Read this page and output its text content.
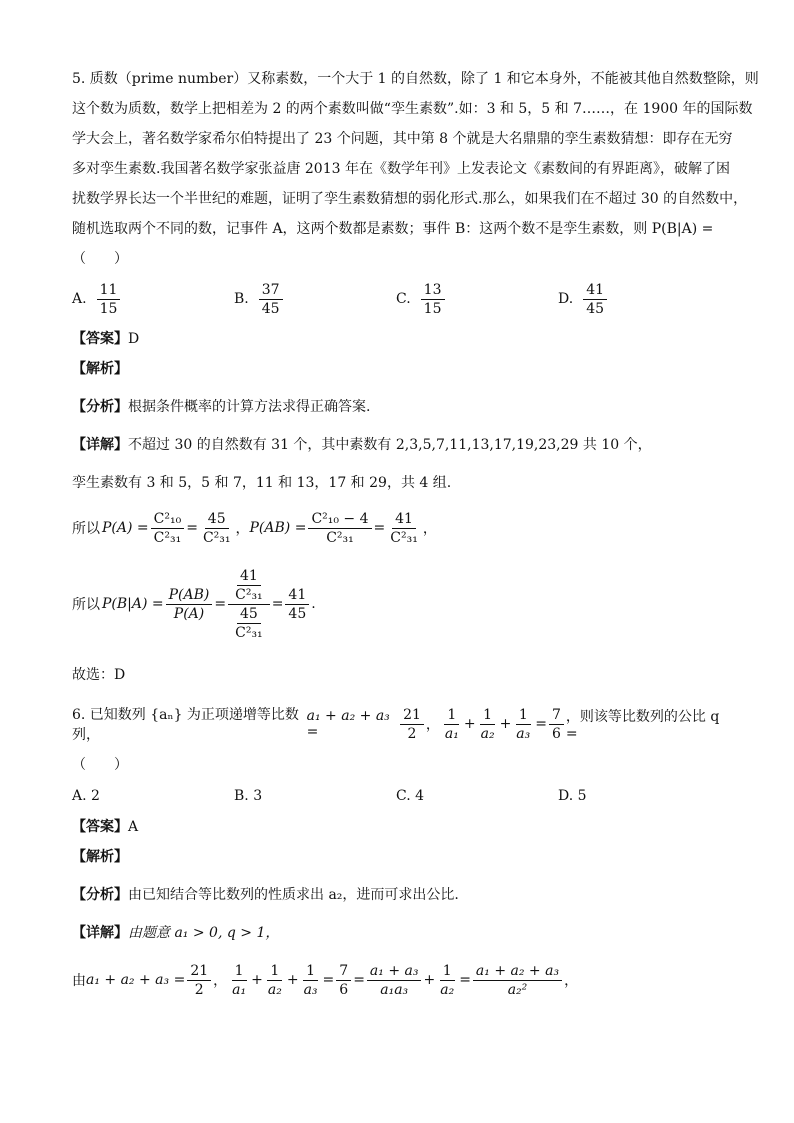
5. 质数（prime number）又称素数，一个大于 1 的自然数，除了 1 和它本身外，不能被其他自然数整除，则

这个数为质数，数学上把相差为 2 的两个素数叫做“孪生素数”.如：3 和 5，5 和 7……，在 1900 年的国际数

学大会上，著名数学家希尔伯特提出了 23 个问题，其中第 8 个就是大名鼎鼎的孪生素数猜想：即存在无穷

多对孪生素数.我国著名数学家张益唐 2013 年在《数学年刊》上发表论文《素数间的有界距离》，破解了困

扰数学界长达一个半世纪的难题，证明了孪生素数猜想的弱化形式.那么，如果我们在不超过 30 的自然数中，

随机选取两个不同的数，记事件 A，这两个数都是素数；事件 B：这两个数不是孪生素数，则 P(B|A) =

（　　）

A. $\frac{11}{15}$	B. $\frac{37}{45}$	C. $\frac{13}{15}$	D. $\frac{41}{45}$

【答案】D

【解析】

【分析】根据条件概率的计算方法求得正确答案.

【详解】不超过 30 的自然数有 31 个，其中素数有 2,3,5,7,11,13,17,19,23,29 共 10 个，

孪生素数有 3 和 5，5 和 7，11 和 13，17 和 29，共 4 组.

所以 $P(A) = \frac{\text{C²₁₀}}{\text{C²₃₁}} = \frac{45}{\text{C²₃₁}}$ ， $P(AB) = \frac{\text{C²₁₀ − 4}}{\text{C²₃₁}} = \frac{41}{\text{C²₃₁}}$ ，
所以 $P(B|A) = \frac{P(AB)}{P(A)} = \frac{\frac{41}{\text{C²₃₁}}}{\frac{45}{\text{C²₃₁}}} = \frac{41}{45}$ .

故选：D

6. 已知数列 {aₙ} 为正项递增等比数列，
a₁ + a₂ + a₃ =	$\frac{21}{2}$ ， $\frac{1}{\text{a₁}} + \frac{1}{\text{a₂}} + \frac{1}{\text{a₃}} = \frac{7}{6}$ ，则该等比数列的公比 q =

（　　）

A.
2	B.
3	C.
4	D.
5

【答案】A

【解析】

【分析】由已知结合等比数列的性质求出 a₂，进而可求出公比.

【详解】由题意 a₁ > 0, q > 1，

由 $a_1 + a_2 + a_3 = \frac{21}{2}$ ， $\frac{1}{\text{a₁}} + \frac{1}{\text{a₂}} + \frac{1}{\text{a₃}} = \frac{7}{6} = \frac{\text{a₁ + a₃}}{\text{a₁a₃}} + \frac{1}{\text{a₂}} = \frac{\text{a₁ + a₂ + a₃}}{\text{a₂²}}$ ，
